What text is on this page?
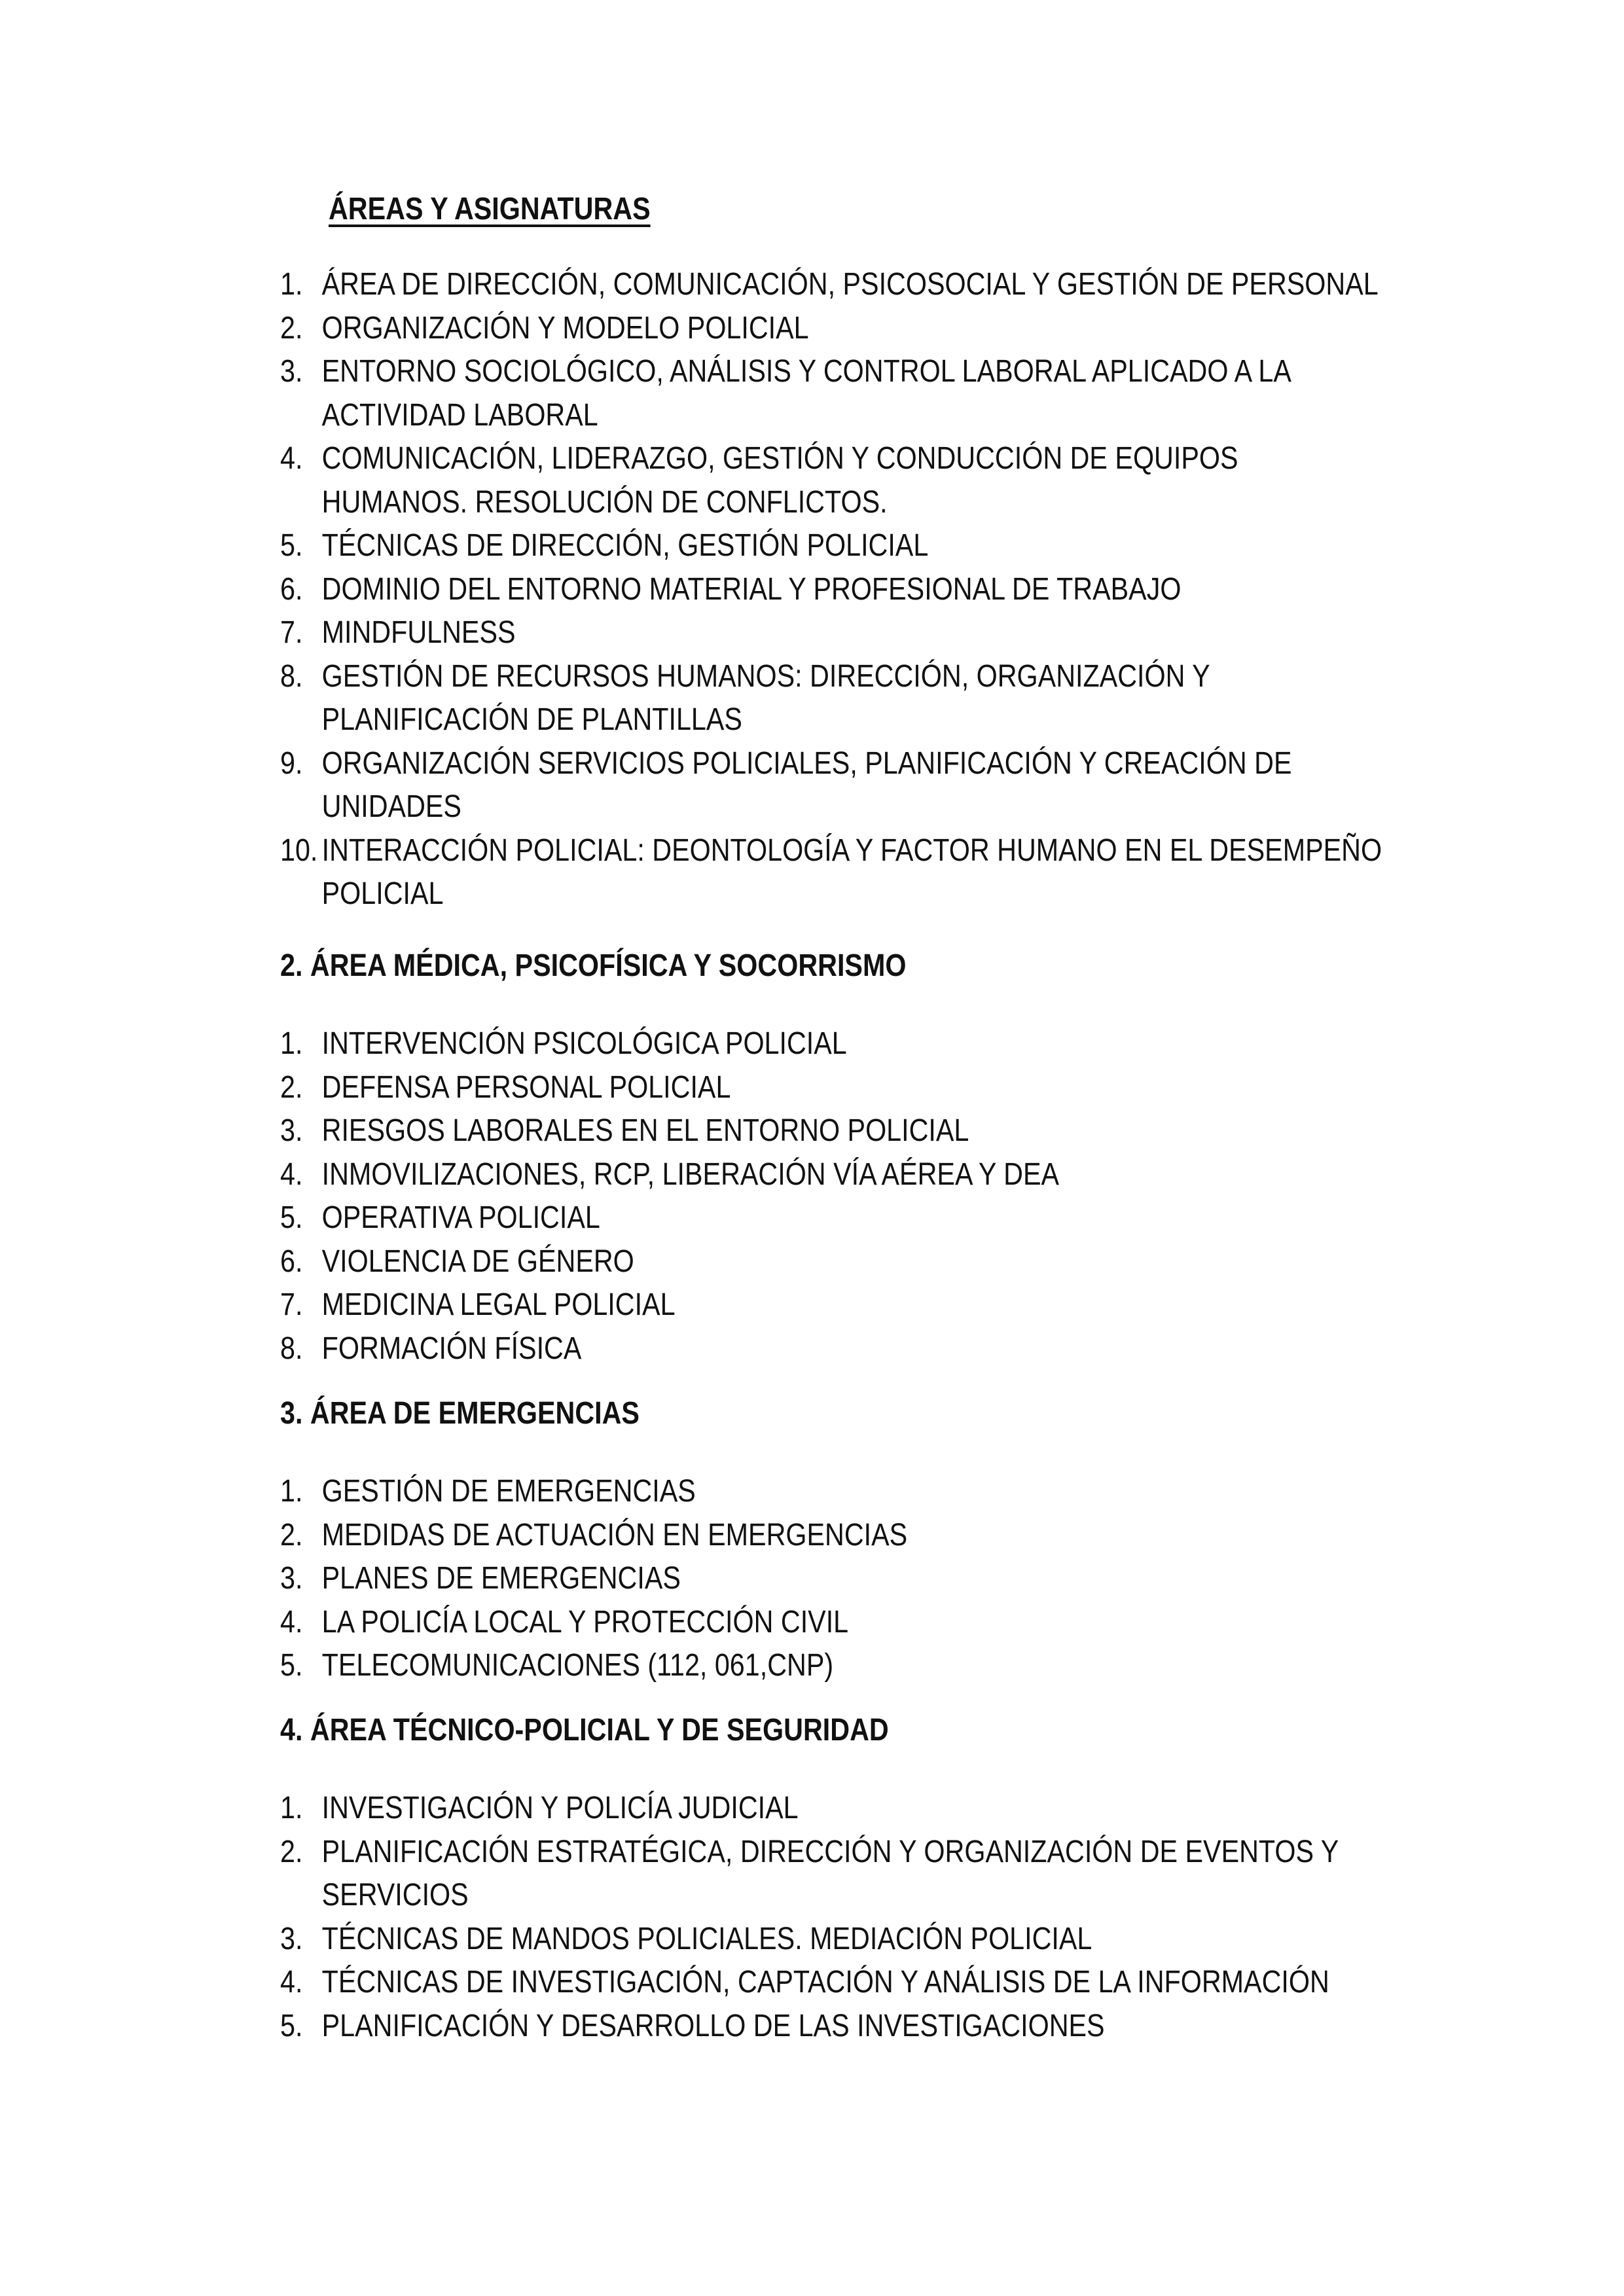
ÁREAS Y ASIGNATURAS
1. ÁREA DE DIRECCIÓN, COMUNICACIÓN, PSICOSOCIAL Y GESTIÓN DE PERSONAL
2. ORGANIZACIÓN Y MODELO POLICIAL
3. ENTORNO SOCIOLÓGICO, ANÁLISIS Y CONTROL LABORAL APLICADO A LA
ACTIVIDAD LABORAL
4. COMUNICACIÓN, LIDERAZGO, GESTIÓN Y CONDUCCIÓN DE EQUIPOS
HUMANOS. RESOLUCIÓN DE CONFLICTOS.
5. TÉCNICAS DE DIRECCIÓN, GESTIÓN POLICIAL
6. DOMINIO DEL ENTORNO MATERIAL Y PROFESIONAL DE TRABAJO
7. MINDFULNESS
8. GESTIÓN DE RECURSOS HUMANOS: DIRECCIÓN, ORGANIZACIÓN Y
PLANIFICACIÓN DE PLANTILLAS
9. ORGANIZACIÓN SERVICIOS POLICIALES, PLANIFICACIÓN Y CREACIÓN DE
UNIDADES
10. INTERACCIÓN POLICIAL: DEONTOLOGÍA Y FACTOR HUMANO EN EL DESEMPEÑO
POLICIAL
2. ÁREA MÉDICA, PSICOFÍSICA Y SOCORRISMO
1. INTERVENCIÓN PSICOLÓGICA POLICIAL
2. DEFENSA PERSONAL POLICIAL
3. RIESGOS LABORALES EN EL ENTORNO POLICIAL
4. INMOVILIZACIONES, RCP, LIBERACIÓN VÍA AÉREA Y DEA
5. OPERATIVA POLICIAL
6. VIOLENCIA DE GÉNERO
7. MEDICINA LEGAL POLICIAL
8. FORMACIÓN FÍSICA
3. ÁREA DE EMERGENCIAS
1. GESTIÓN DE EMERGENCIAS
2. MEDIDAS DE ACTUACIÓN EN EMERGENCIAS
3. PLANES DE EMERGENCIAS
4. LA POLICÍA LOCAL Y PROTECCIÓN CIVIL
5. TELECOMUNICACIONES (112, 061,CNP)
4. ÁREA TÉCNICO-POLICIAL Y DE SEGURIDAD
1. INVESTIGACIÓN Y POLICÍA JUDICIAL
2. PLANIFICACIÓN ESTRATÉGICA, DIRECCIÓN Y ORGANIZACIÓN DE EVENTOS Y
SERVICIOS
3. TÉCNICAS DE MANDOS POLICIALES. MEDIACIÓN POLICIAL
4. TÉCNICAS DE INVESTIGACIÓN, CAPTACIÓN Y ANÁLISIS DE LA INFORMACIÓN
5. PLANIFICACIÓN Y DESARROLLO DE LAS INVESTIGACIONES
